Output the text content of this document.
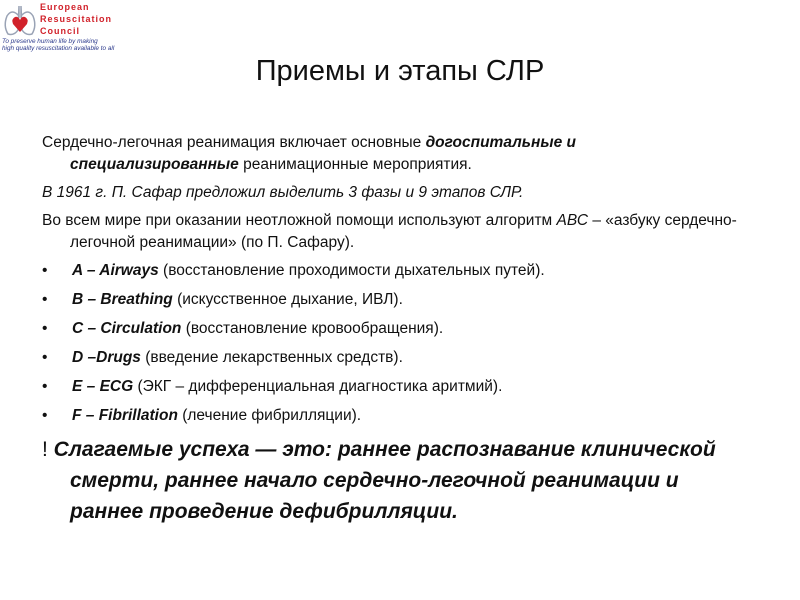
European
Resuscitation
Council
To preserve human life by making
high quality resuscitation available to all
Приемы и этапы СЛР

Сердечно-легочная реанимация включает основные догоспитальные и специализированные реанимационные мероприятия.

В 1961 г. П. Сафар предложил выделить 3 фазы и 9 этапов СЛР.

Во всем мире при оказании неотложной помощи используют алгоритм АВС – «азбуку сердечно-легочной реанимации» (по П. Сафару).

• A – Airways (восстановление проходимости дыхательных путей).
• B – Breathing (искусственное дыхание, ИВЛ).
• C – Circulation (восстановление кровообращения).
• D –Drugs (введение лекарственных средств).
• E – ECG (ЭКГ – дифференциальная диагностика аритмий).
• F – Fibrillation (лечение фибрилляции).

! Слагаемые успеха — это: раннее распознавание клинической смерти, раннее начало сердечно-легочной реанимации и раннее проведение дефибрилляции.
